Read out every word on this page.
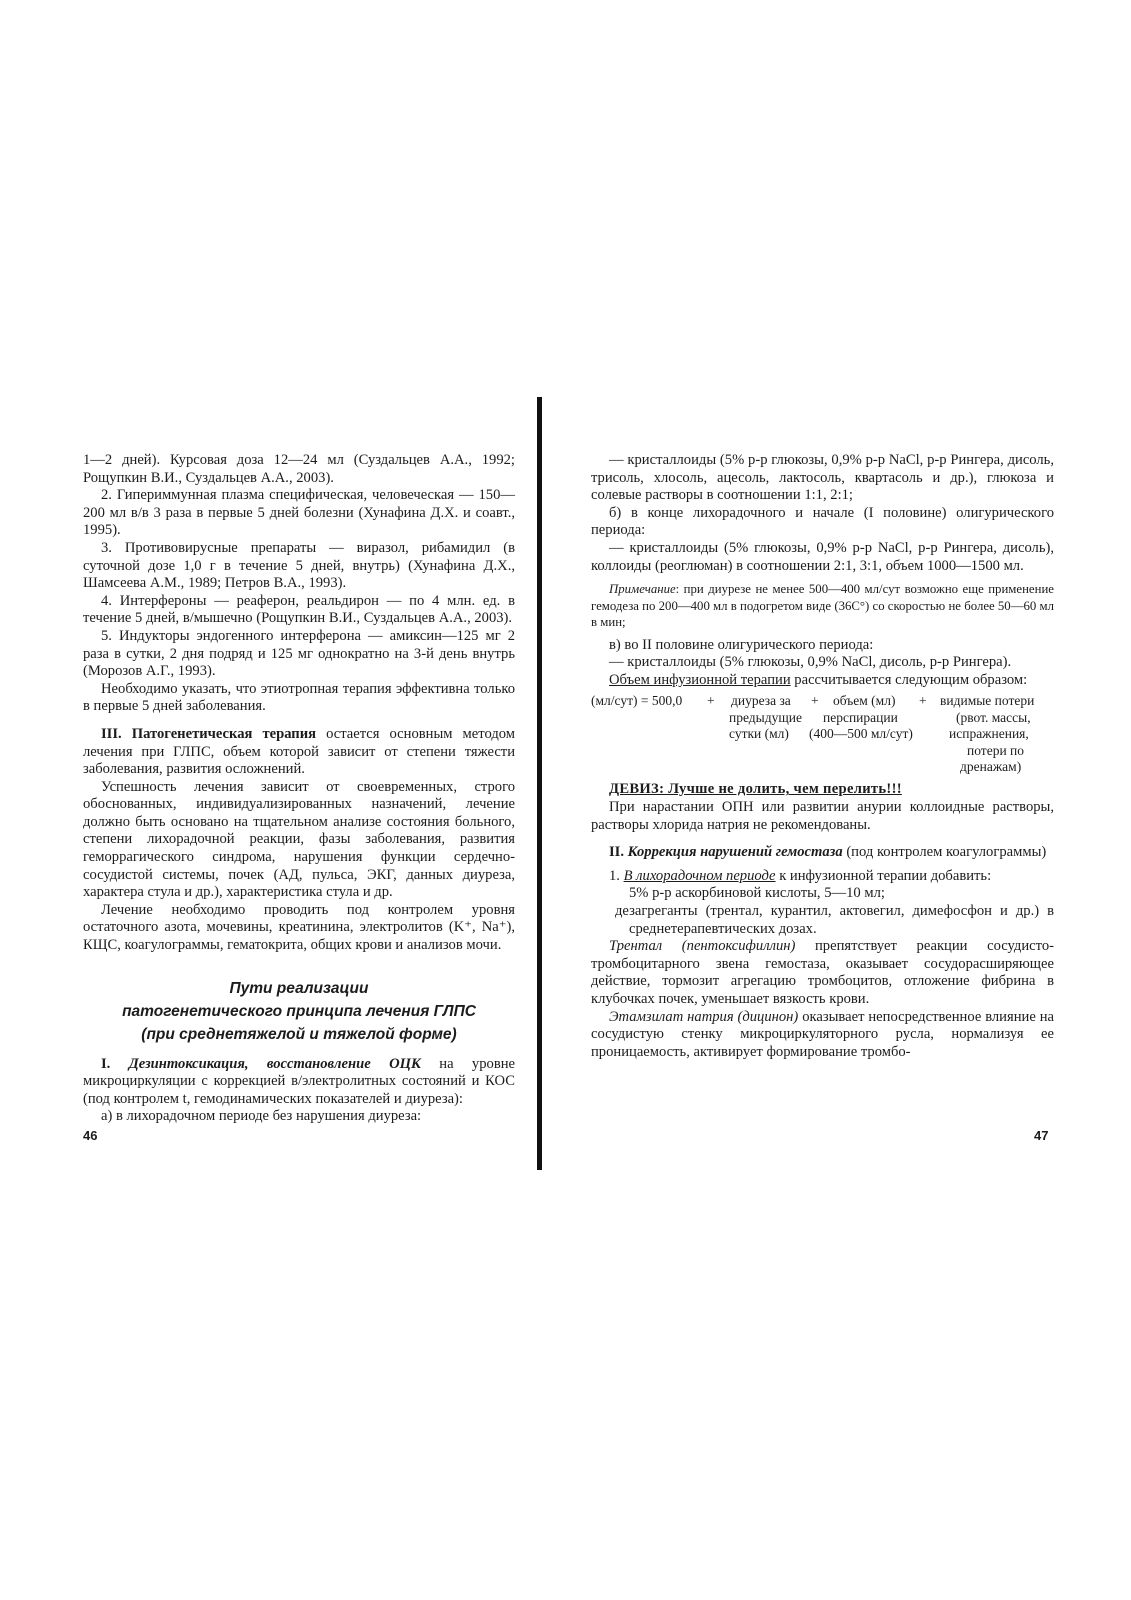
1—2 дней). Курсовая доза 12—24 мл (Суздальцев А.А., 1992; Рощупкин В.И., Суздальцев А.А., 2003).

2. Гипериммунная плазма специфическая, человеческая — 150—200 мл в/в 3 раза в первые 5 дней болезни (Хунафина Д.Х. и соавт., 1995).

3. Противовирусные препараты — виразол, рибамидил (в суточной дозе 1,0 г в течение 5 дней, внутрь) (Хунафина Д.Х., Шамсеева А.М., 1989; Петров В.А., 1993).

4. Интерфероны — реаферон, реальдирон — по 4 млн. ед. в течение 5 дней, в/мышечно (Рощупкин В.И., Суздальцев А.А., 2003).

5. Индукторы эндогенного интерферона — амиксин—125 мг 2 раза в сутки, 2 дня подряд и 125 мг однократно на 3-й день внутрь (Морозов А.Г., 1993).

Необходимо указать, что этиотропная терапия эффективна только в первые 5 дней заболевания.

III. Патогенетическая терапия остается основным методом лечения при ГЛПС, объем которой зависит от степени тяжести заболевания, развития осложнений.

Успешность лечения зависит от своевременных, строго обоснованных, индивидуализированных назначений, лечение должно быть основано на тщательном анализе состояния больного, степени лихорадочной реакции, фазы заболевания, развития геморрагического синдрома, нарушения функции сердечно-сосудистой системы, почек (АД, пульса, ЭКГ, данных диуреза, характера стула и др.), характеристика стула и др.

Лечение необходимо проводить под контролем уровня остаточного азота, мочевины, креатинина, электролитов (K⁺, Na⁺), КЩС, коагулограммы, гематокрита, общих крови и анализов мочи.

Пути реализации

патогенетического принципа лечения ГЛПС

(при среднетяжелой и тяжелой форме)

I. Дезинтоксикация, восстановление ОЦК на уровне микроциркуляции с коррекцией в/электролитных состояний и КОС (под контролем t, гемодинамических показателей и диуреза):

а) в лихорадочном периоде без нарушения диуреза:

46

— кристаллоиды (5% р-р глюкозы, 0,9% р-р NaCl, р-р Рингера, дисоль, трисоль, хлосоль, ацесоль, лактосоль, квартасоль и др.), глюкоза и солевые растворы в соотношении 1:1, 2:1;

б) в конце лихорадочного и начале (I половине) олигурического периода:

— кристаллоиды (5% глюкозы, 0,9% р-р NaCl, р-р Рингера, дисоль), коллоиды (реоглюман) в соотношении 2:1, 3:1, объем 1000—1500 мл.

Примечание: при диурезе не менее 500—400 мл/сут возможно еще применение гемодеза по 200—400 мл в подогретом виде (36С°) со скоростью не более 50—60 мл в мин;

в) во II половине олигурического периода:

— кристаллоиды (5% глюкозы, 0,9% NaCl, дисоль, р-р Рингера).

Объем инфузионной терапии рассчитывается следующим образом:

(мл/сут) = 500,0 + диуреза за
предыдущие
сутки (мл)
+ объем (мл)
перспирации
(400—500 мл/сут)
+ видимые потери
(рвот. массы,
испражнения,
потери по
дренажам)

ДЕВИЗ: Лучше не долить, чем перелить!!!

При нарастании ОПН или развитии анурии коллоидные растворы, растворы хлорида натрия не рекомендованы.

II. Коррекция нарушений гемостаза (под контролем коагулограммы)

1. В лихорадочном периоде к инфузионной терапии добавить:

5% р-р аскорбиновой кислоты, 5—10 мл;

дезагреганты (трентал, курантил, актовегил, димефосфон и др.) в среднетерапевтических дозах.

Трентал (пентоксифиллин) препятствует реакции сосудисто-тромбоцитарного звена гемостаза, оказывает сосудорасширяющее действие, тормозит агрегацию тромбоцитов, отложение фибрина в клубочках почек, уменьшает вязкость крови.

Этамзилат натрия (дицинон) оказывает непосредственное влияние на сосудистую стенку микроциркуляторного русла, нормализуя ее проницаемость, активирует формирование тромбо-

47
